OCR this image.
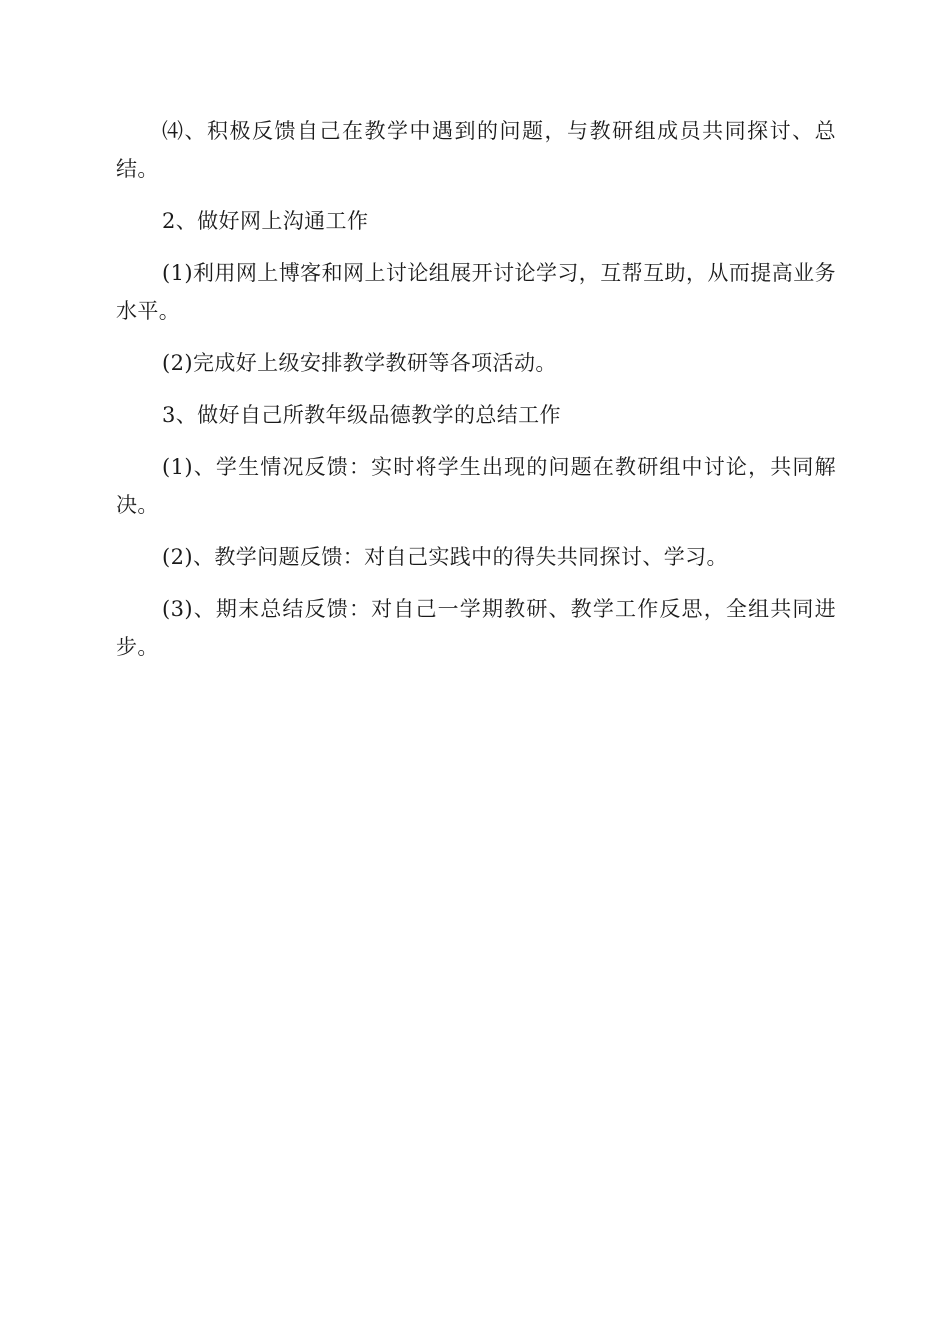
⑷、积极反馈自己在教学中遇到的问题，与教研组成员共同探讨、总结。

2、做好网上沟通工作

(1)利用网上博客和网上讨论组展开讨论学习，互帮互助，从而提高业务水平。

(2)完成好上级安排教学教研等各项活动。

3、做好自己所教年级品德教学的总结工作

(1)、学生情况反馈：实时将学生出现的问题在教研组中讨论，共同解决。

(2)、教学问题反馈：对自己实践中的得失共同探讨、学习。

(3)、期末总结反馈：对自己一学期教研、教学工作反思，全组共同进步。
